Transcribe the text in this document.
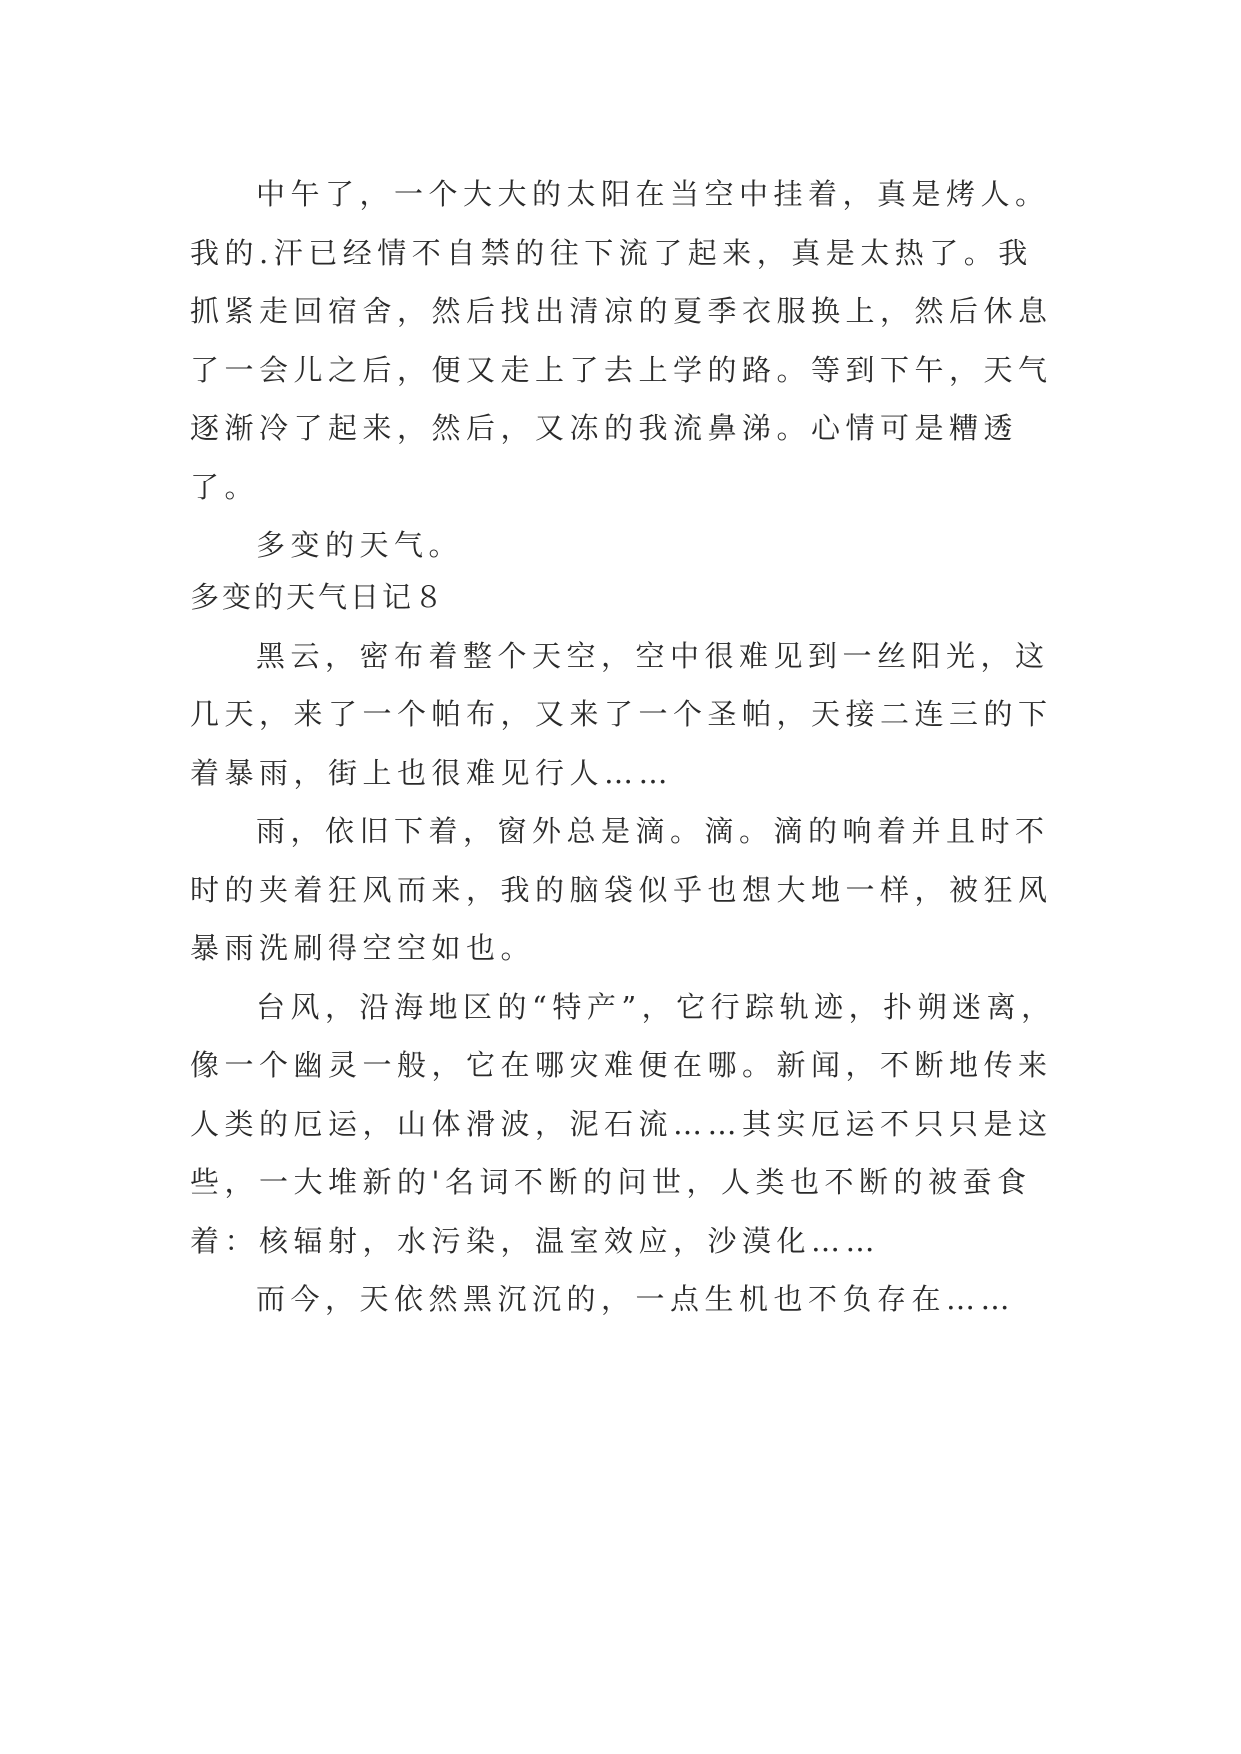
中午了，一个大大的太阳在当空中挂着，真是烤人。我的.汗已经情不自禁的往下流了起来，真是太热了。我抓紧走回宿舍，然后找出清凉的夏季衣服换上，然后休息了一会儿之后，便又走上了去上学的路。等到下午，天气逐渐冷了起来，然后，又冻的我流鼻涕。心情可是糟透了。

多变的天气。

多变的天气日记８

黑云，密布着整个天空，空中很难见到一丝阳光，这几天，来了一个帕布，又来了一个圣帕，天接二连三的下着暴雨，街上也很难见行人……

雨，依旧下着，窗外总是滴。滴。滴的响着并且时不时的夹着狂风而来，我的脑袋似乎也想大地一样，被狂风暴雨洗刷得空空如也。

台风，沿海地区的“特产”，它行踪轨迹，扑朔迷离，像一个幽灵一般，它在哪灾难便在哪。新闻，不断地传来人类的厄运，山体滑波，泥石流……其实厄运不只只是这些，一大堆新的'名词不断的问世，人类也不断的被蚕食着：核辐射，水污染，温室效应，沙漠化……

而今，天依然黑沉沉的，一点生机也不负存在……
